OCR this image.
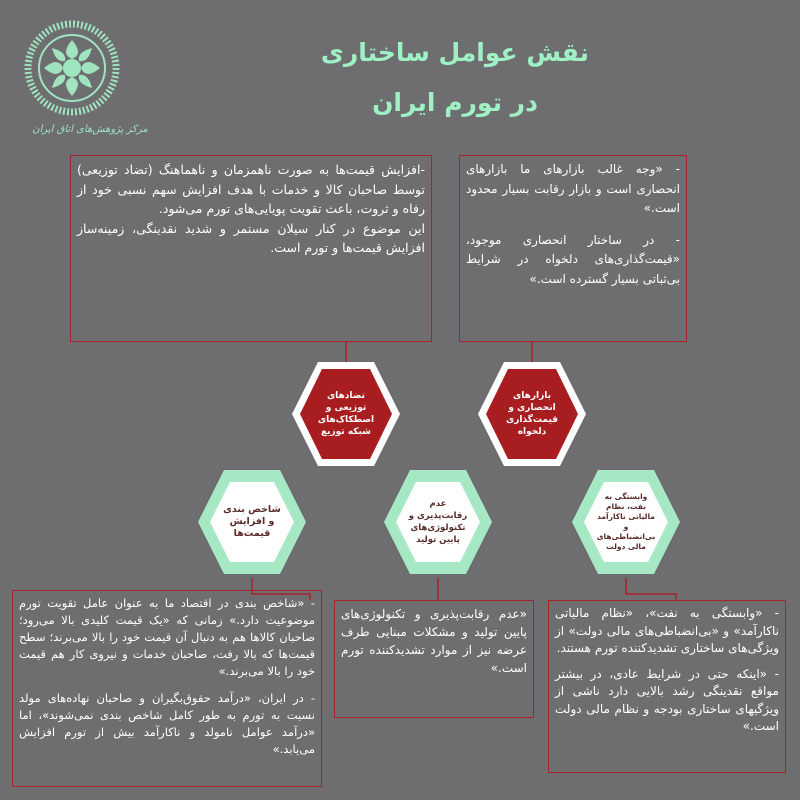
مرکز پژوهش‌های اتاق ایران
نقش عوامل ساختاری
در تورم ایران

- «وجه غالب بازارهای ما بازارهای انحصاری است و بازار رقابت بسیار محدود است.»

- در ساختار انحصاری موجود، «قیمت‌گذاری‌های دلخواه در شرایط بی‌ثباتی بسیار گسترده است.»

-افزایش قیمت‌ها به صورت ناهمزمان و ناهماهنگ (تضاد توزیعی) توسط صاحبان کالا و خدمات با هدف افزایش سهم نسبی خود از رفاه و ثروت، باعث تقویت پویایی‌های تورم می‌شود.

این موضوع در کنار سیلان مستمر و شدید نقدینگی، زمینه‌ساز افزایش قیمت‌ها و تورم است.

بازارهای انحصاری و قیمت‌گذاری دلخواه
تضادهای توزیعی و اصطکاک‌های شبکه توزیع
وابستگی به نفت، نظام مالیاتی ناکارآمد و بی‌انضباطی‌های مالی دولت
عدم رقابت‌پذیری و تکنولوژی‌های پایین تولید
شاخص بندی و افزایش قیمت‌ها

- «وابستگی به نفت»، «نظام مالیاتی ناکارآمد» و «بی‌انضباطی‌های مالی دولت» از ویژگی‌های ساختاری تشدیدکننده تورم هستند.

- «اینکه حتی در شرایط عادی، در بیشتر مواقع نقدینگی رشد بالایی دارد ناشی از ویژگیهای ساختاری بودجه و نظام مالی دولت است.»

«عدم رقابت‌پذیری و تکنولوژی‌های پایین تولید و مشکلات مبنایی طرف عرضه نیز از موارد تشدیدکننده تورم است.»

- «شاخص بندی در اقتصاد ما به عنوان عامل تقویت تورم موضوعیت دارد.» زمانی که «یک قیمت کلیدی بالا می‌رود؛ صاحبان کالاها هم به دنبال آن قیمت خود را بالا می‌برند؛ سطح قیمت‌ها که بالا رفت، صاحبان خدمات و نیروی کار هم قیمت خود را بالا می‌برند.»

- در ایران، «درآمد حقوق‌بگیران و صاحبان نهاده‌های مولد نسبت به تورم به طور کامل شاخص بندی نمی‌شوند»، اما «درآمد عوامل نامولد و ناکارآمد بیش از تورم افزایش می‌یابد.»
